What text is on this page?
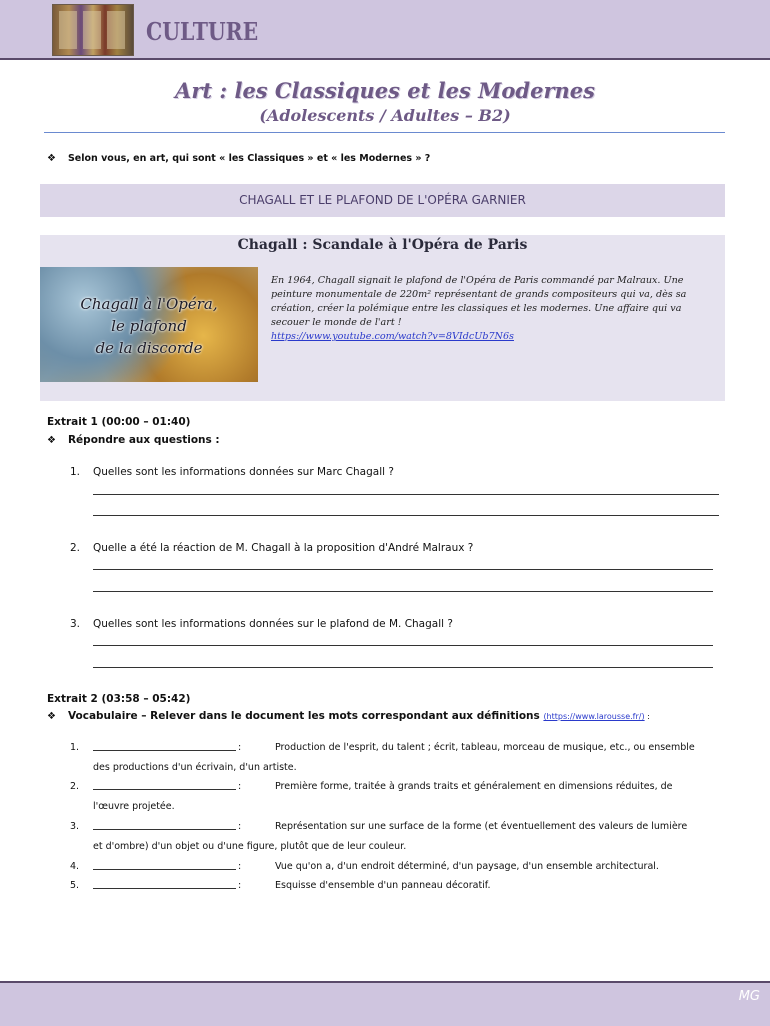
CULTURE
Art : les Classiques et les Modernes
(Adolescents / Adultes – B2)
❖ Selon vous, en art, qui sont « les Classiques » et « les Modernes » ?
CHAGALL ET LE PLAFOND DE L'OPÉRA GARNIER
Chagall : Scandale à l'Opéra de Paris
Chagall à l'Opéra,
le plafond
de la discorde
En 1964, Chagall signait le plafond de l'Opéra de Paris commandé par Malraux. Une peinture monumentale de 220m² représentant de grands compositeurs qui va, dès sa création, créer la polémique entre les classiques et les modernes. Une affaire qui va secouer le monde de l'art !
https://www.youtube.com/watch?v=8VIdcUb7N6s
Extrait 1 (00:00 – 01:40)
❖ Répondre aux questions :
1. Quelles sont les informations données sur Marc Chagall ?
2. Quelle a été la réaction de M. Chagall à la proposition d'André Malraux ?
3. Quelles sont les informations données sur le plafond de M. Chagall ?
Extrait 2 (03:58 – 05:42)
❖ Vocabulaire – Relever dans le document les mots correspondant aux définitions (https://www.larousse.fr/) :
1.	:	Production de l'esprit, du talent ; écrit, tableau, morceau de musique, etc., ou ensemble
des productions d'un écrivain, d'un artiste.
2.	:	Première forme, traitée à grands traits et généralement en dimensions réduites, de
l'œuvre projetée.
3.	:	Représentation sur une surface de la forme (et éventuellement des valeurs de lumière
et d'ombre) d'un objet ou d'une figure, plutôt que de leur couleur.
4.	:	Vue qu'on a, d'un endroit déterminé, d'un paysage, d'un ensemble architectural.
5.	:	Esquisse d'ensemble d'un panneau décoratif.
MG
